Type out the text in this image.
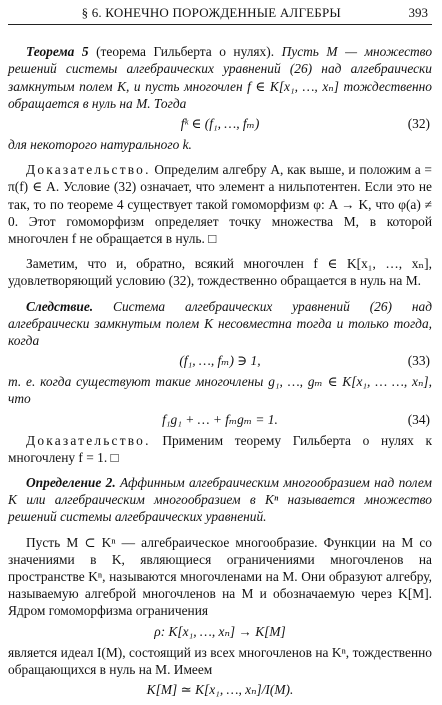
§ 6. КОНЕЧНО ПОРОЖДЕННЫЕ АЛГЕБРЫ	393

Теорема 5 (теорема Гильберта о нулях). Пусть M — множество решений системы алгебраических уравнений (26) над алгебраически замкнутым полем K, и пусть многочлен f ∈ K[x₁, …, xₙ] тождественно обращается в нуль на M. Тогда

fᵏ ∈ (f₁, …, fₘ)	(32)

для некоторого натурального k.

Доказательство. Определим алгебру A, как выше, и положим a = π(f) ∈ A. Условие (32) означает, что элемент a нильпотентен. Если это не так, то по теореме 4 существует такой гомоморфизм φ: A → K, что φ(a) ≠ 0. Этот гомоморфизм определяет точку множества M, в которой многочлен f не обращается в нуль. □

Заметим, что и, обратно, всякий многочлен f ∈ K[x₁, …, xₙ], удовлетворяющий условию (32), тождественно обращается в нуль на M.

Следствие. Система алгебраических уравнений (26) над алгебраически замкнутым полем K несовместна тогда и только тогда, когда

(f₁, …, fₘ) ∋ 1,	(33)

т. е. когда существуют такие многочлены g₁, …, gₘ ∈ K[x₁, … …, xₙ], что

f₁g₁ + … + fₘgₘ = 1.	(34)

Доказательство. Применим теорему Гильберта о нулях к многочлену f = 1. □

Определение 2. Аффинным алгебраическим многообразием над полем K или алгебраическим многообразием в Kⁿ называется множество решений системы алгебраических уравнений.

Пусть M ⊂ Kⁿ — алгебраическое многообразие. Функции на M со значениями в K, являющиеся ограничениями многочленов на пространстве Kⁿ, называются многочленами на M. Они образуют алгебру, называемую алгеброй многочленов на M и обозначаемую через K[M]. Ядром гомоморфизма ограничения

ρ: K[x₁, …, xₙ] → K[M]

является идеал I(M), состоящий из всех многочленов на Kⁿ, тождественно обращающихся в нуль на M. Имеем

K[M] ≃ K[x₁, …, xₙ]/I(M).
